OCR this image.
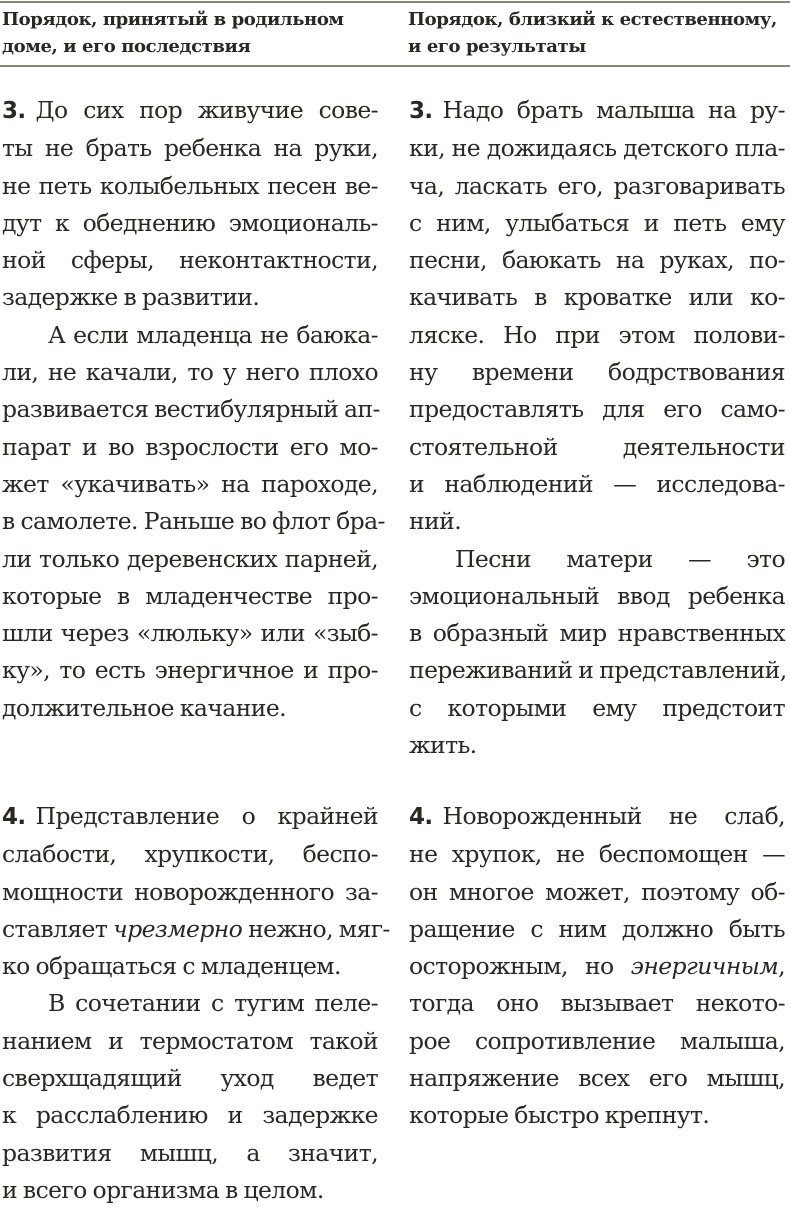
Порядок, принятый в родильном
доме, и его последствия
Порядок, близкий к естественному,
и его результаты
3. До сих пор живучие сове-
ты не брать ребенка на руки,
не петь колыбельных песен ве-
дут к обеднению эмоциональ-
ной сферы, неконтактности,
задержке в развитии.
А если младенца не баюка-
ли, не качали, то у него плохо
развивается вестибулярный ап-
парат и во взрослости его мо-
жет «укачивать» на пароходе,
в самолете. Раньше во флот бра-
ли только деревенских парней,
которые в младенчестве про-
шли через «люльку» или «зыб-
ку», то есть энергичное и про-
должительное качание.
3. Надо брать малыша на ру-
ки, не дожидаясь детского пла-
ча, ласкать его, разговаривать
с ним, улыбаться и петь ему
песни, баюкать на руках, по-
качивать в кроватке или ко-
ляске. Но при этом полови-
ну времени бодрствования
предоставлять для его само-
стоятельной деятельности
и наблюдений — исследова-
ний.
Песни матери — это
эмоциональный ввод ребенка
в образный мир нравственных
переживаний и представлений,
с которыми ему предстоит
жить.
4. Представление о крайней
слабости, хрупкости, беспо-
мощности новорожденного за-
ставляет чрезмерно нежно, мяг-
ко обращаться с младенцем.
В сочетании с тугим пеле-
нанием и термостатом такой
сверхщадящий уход ведет
к расслаблению и задержке
развития мышц, а значит,
и всего организма в целом.
4. Новорожденный не слаб,
не хрупок, не беспомощен —
он многое может, поэтому об-
ращение с ним должно быть
осторожным, но энергичным,
тогда оно вызывает некото-
рое сопротивление малыша,
напряжение всех его мышц,
которые быстро крепнут.
